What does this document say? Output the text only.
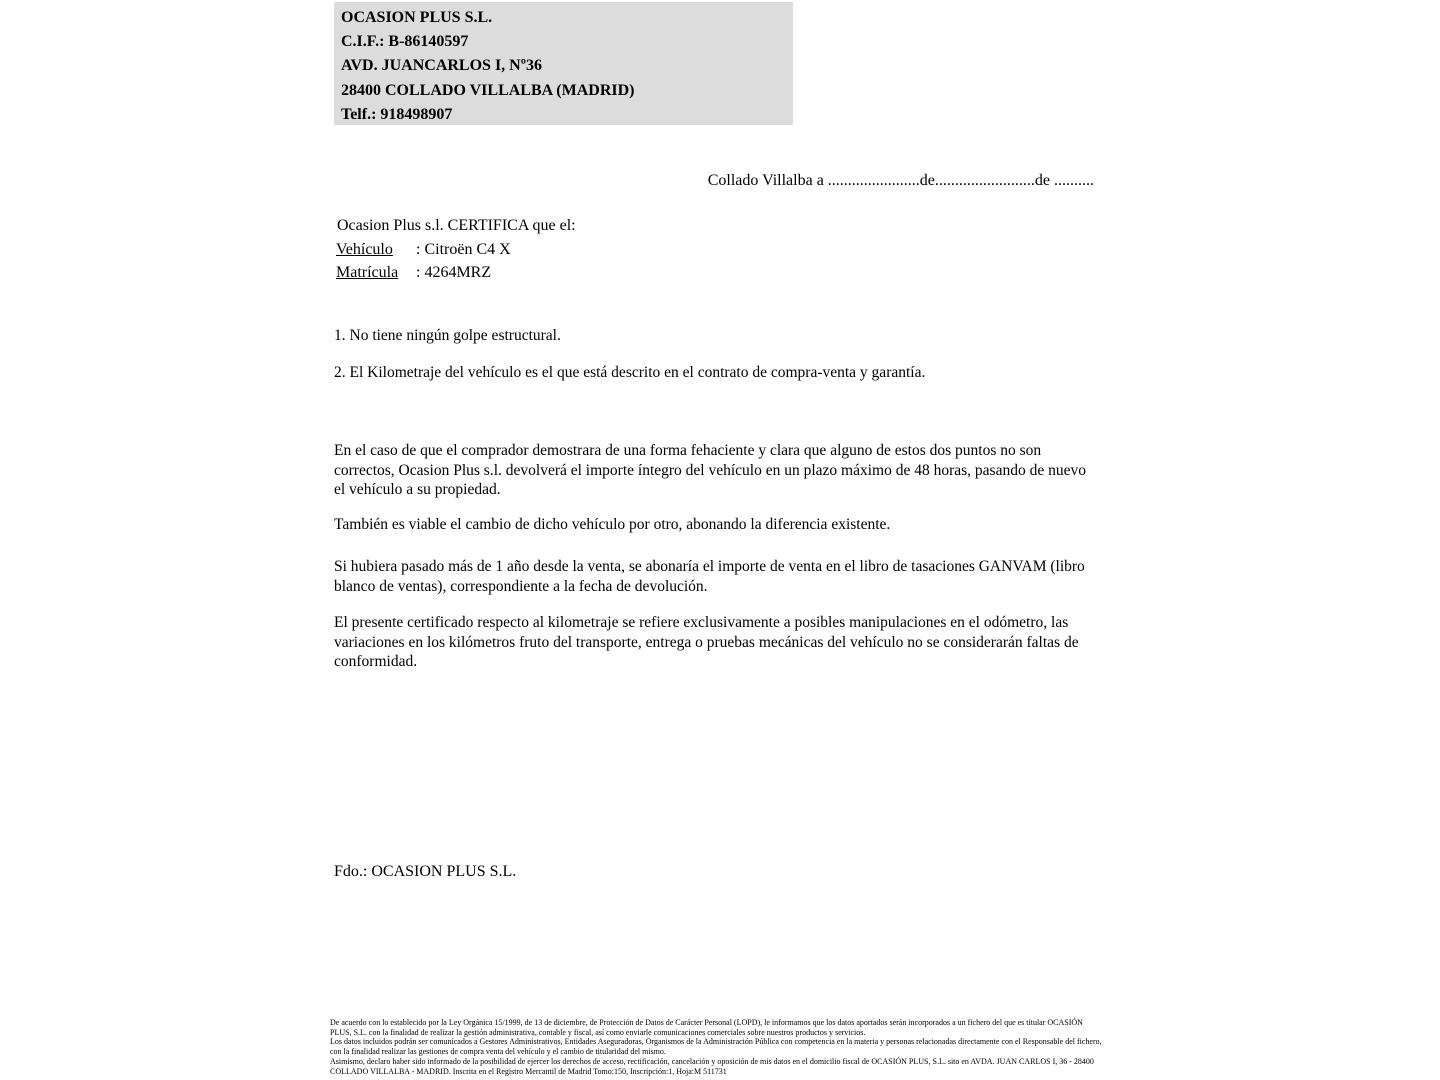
OCASION PLUS S.L.
C.I.F.: B-86140597
AVD. JUANCARLOS I, Nº36
28400 COLLADO VILLALBA (MADRID)
Telf.: 918498907
Collado Villalba a .......................de.........................de ..........
Ocasion Plus s.l. CERTIFICA que el:
Vehículo : Citroën C4 X
Matrícula : 4264MRZ
1. No tiene ningún golpe estructural.
2. El Kilometraje del vehículo es el que está descrito en el contrato de compra-venta y garantía.
En el caso de que el comprador demostrara de una forma fehaciente y clara que alguno de estos dos puntos no son correctos, Ocasion Plus s.l. devolverá el importe íntegro del vehículo en un plazo máximo de 48 horas, pasando de nuevo el vehículo a su propiedad.
También es viable el cambio de dicho vehículo por otro, abonando la diferencia existente.
Si hubiera pasado más de 1 año desde la venta, se abonaría el importe de venta en el libro de tasaciones GANVAM (libro blanco de ventas), correspondiente a la fecha de devolución.
El presente certificado respecto al kilometraje se refiere exclusivamente a posibles manipulaciones en el odómetro, las variaciones en los kilómetros fruto del transporte, entrega o pruebas mecánicas del vehículo no se considerarán faltas de conformidad.
Fdo.: OCASION PLUS S.L.

De acuerdo con lo establecido por la Ley Orgánica 15/1999, de 13 de diciembre, de Protección de Datos de Carácter Personal (LOPD), le informamos que los datos aportados serán incorporados a un fichero del que es titular OCASIÓN PLUS, S.L. con la finalidad de realizar la gestión administrativa, contable y fiscal, así como enviarle comunicaciones comerciales sobre nuestros productos y servicios.

Los datos incluidos podrán ser comunicados a Gestores Administrativos, Entidades Aseguradoras, Organismos de la Administración Pública con competencia en la materia y personas relacionadas directamente con el Responsable del fichero, con la finalidad realizar las gestiones de compra venta del vehículo y el cambio de titularidad del mismo.

Asimismo, declaro haber sido informado de la posibilidad de ejercer los derechos de acceso, rectificación, cancelación y oposición de mis datos en el domicilio fiscal de OCASIÓN PLUS, S.L. sito en AVDA. JUAN CARLOS I, 36 - 28400 COLLADO VILLALBA - MADRID. Inscrita en el Registro Mercantil de Madrid Tomo:150, Inscripción:1, Hoja:M 511731
